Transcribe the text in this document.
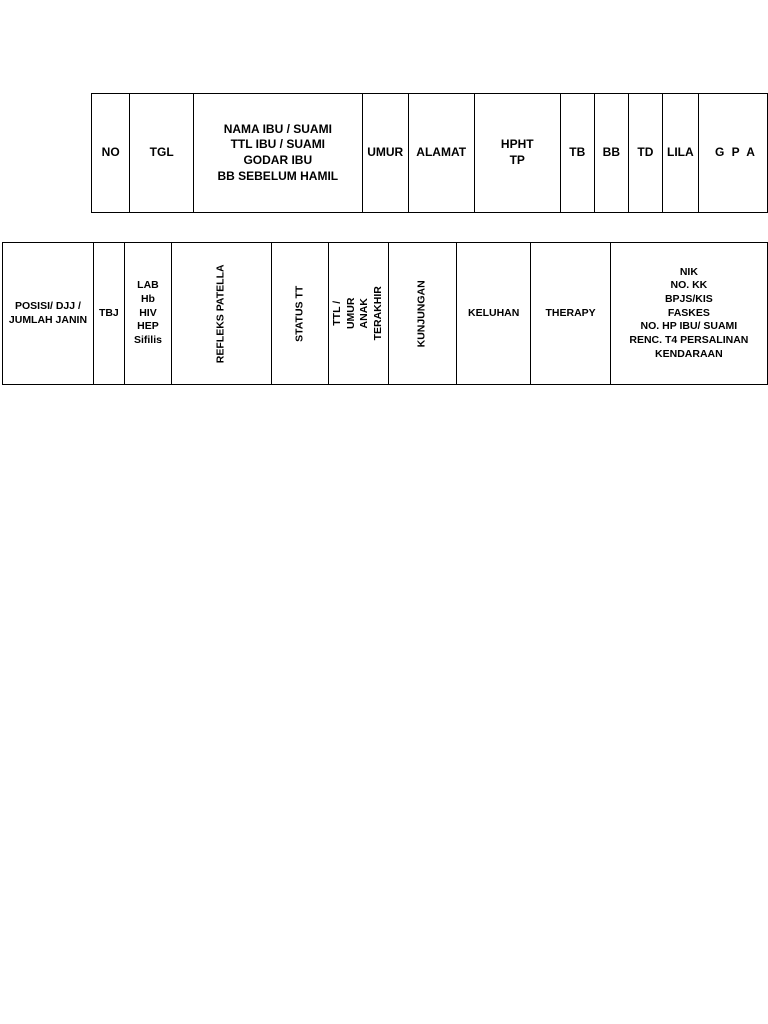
NO	TGL	NAMA IBU / SUAMI
TTL IBU / SUAMI
GODAR IBU
BB SEBELUM HAMIL	UMUR	ALAMAT	HPHT
TP	TB	BB	TD	LILA	G P A
POSISI/ DJJ /
JUMLAH JANIN	TBJ	LAB
Hb
HIV
HEP
Sifilis	REFLEKS PATELLA	STATUS TT	TTL / UMUR ANAK
TERAKHIR	KUNJUNGAN	KELUHAN	THERAPY	NIK
NO. KK
BPJS/KIS
FASKES
NO. HP IBU/ SUAMI
RENC. T4 PERSALINAN
KENDARAAN
